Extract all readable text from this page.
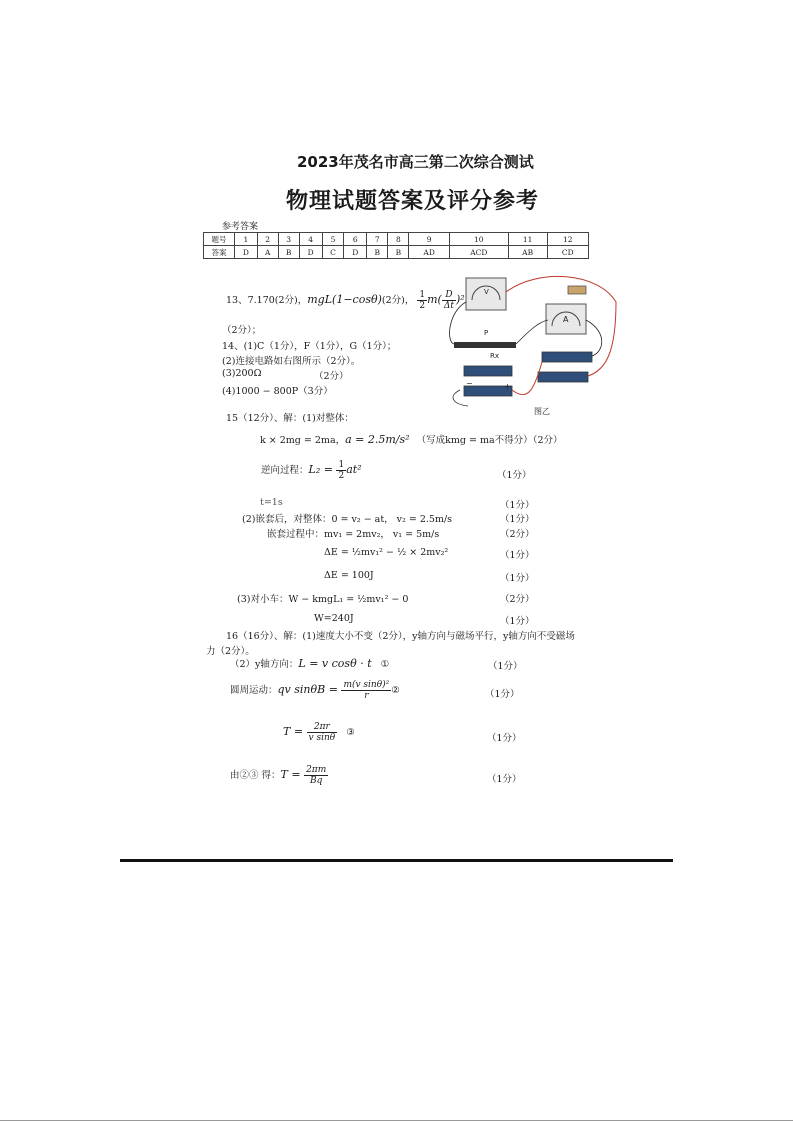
2023年茂名市高三第二次综合测试
物理试题答案及评分参考
参考答案
题号	1	2	3	4	5	6	7	8	9	10	11	12
答案	D	A	B	D	C	D	B	B	AD	ACD	AB	CD
13、7.170(2分)，mgL(1−cosθ)(2分)， $\frac{1}{2} m( \frac{D}{\Delta t} )^2$
（2分）；
14、(1)C（1分），F（1分），G（1分）；
(2)连接电路如右图所示（2分）。
(3)200Ω	（2分）
(4)1000 − 800P（3分）
V
A
P
Rx
−	+
图乙
15（12分）、解：(1)对整体：
k × 2mg = 2ma，a = 2.5m/s² （写成kmg = ma不得分）
（2分）
逆向过程：$L_2 = \frac{1}{2} at^2$	（1分）
t=1s	（1分）
(2)嵌套后，对整体：0 = v₂ − at， v₂ = 2.5m/s	（1分）
嵌套过程中：mv₁ = 2mv₂， v₁ = 5m/s	（2分）
ΔE = ½mv₁² − ½ × 2mv₂²	（1分）
ΔE = 100J	（1分）
(3)对小车：W − kmgL₁ = ½mv₁² − 0	（2分）
W=240J	（1分）
16（16分）、解：(1)速度大小不变（2分），y轴方向与磁场平行，y轴方向不受磁场
力（2分）。
（2）y轴方向：L = v cosθ · t ①	（1分）
圆周运动：qv $\sin\theta B = \frac{\text{m(v sinθ)²}}{r}$ ②	（1分）
$T = \frac{2\pi r}{\text{v sinθ}}$ ③
（1分）
由②③ 得：$T = \frac{2\pi m}{Bq}$	（1分）
